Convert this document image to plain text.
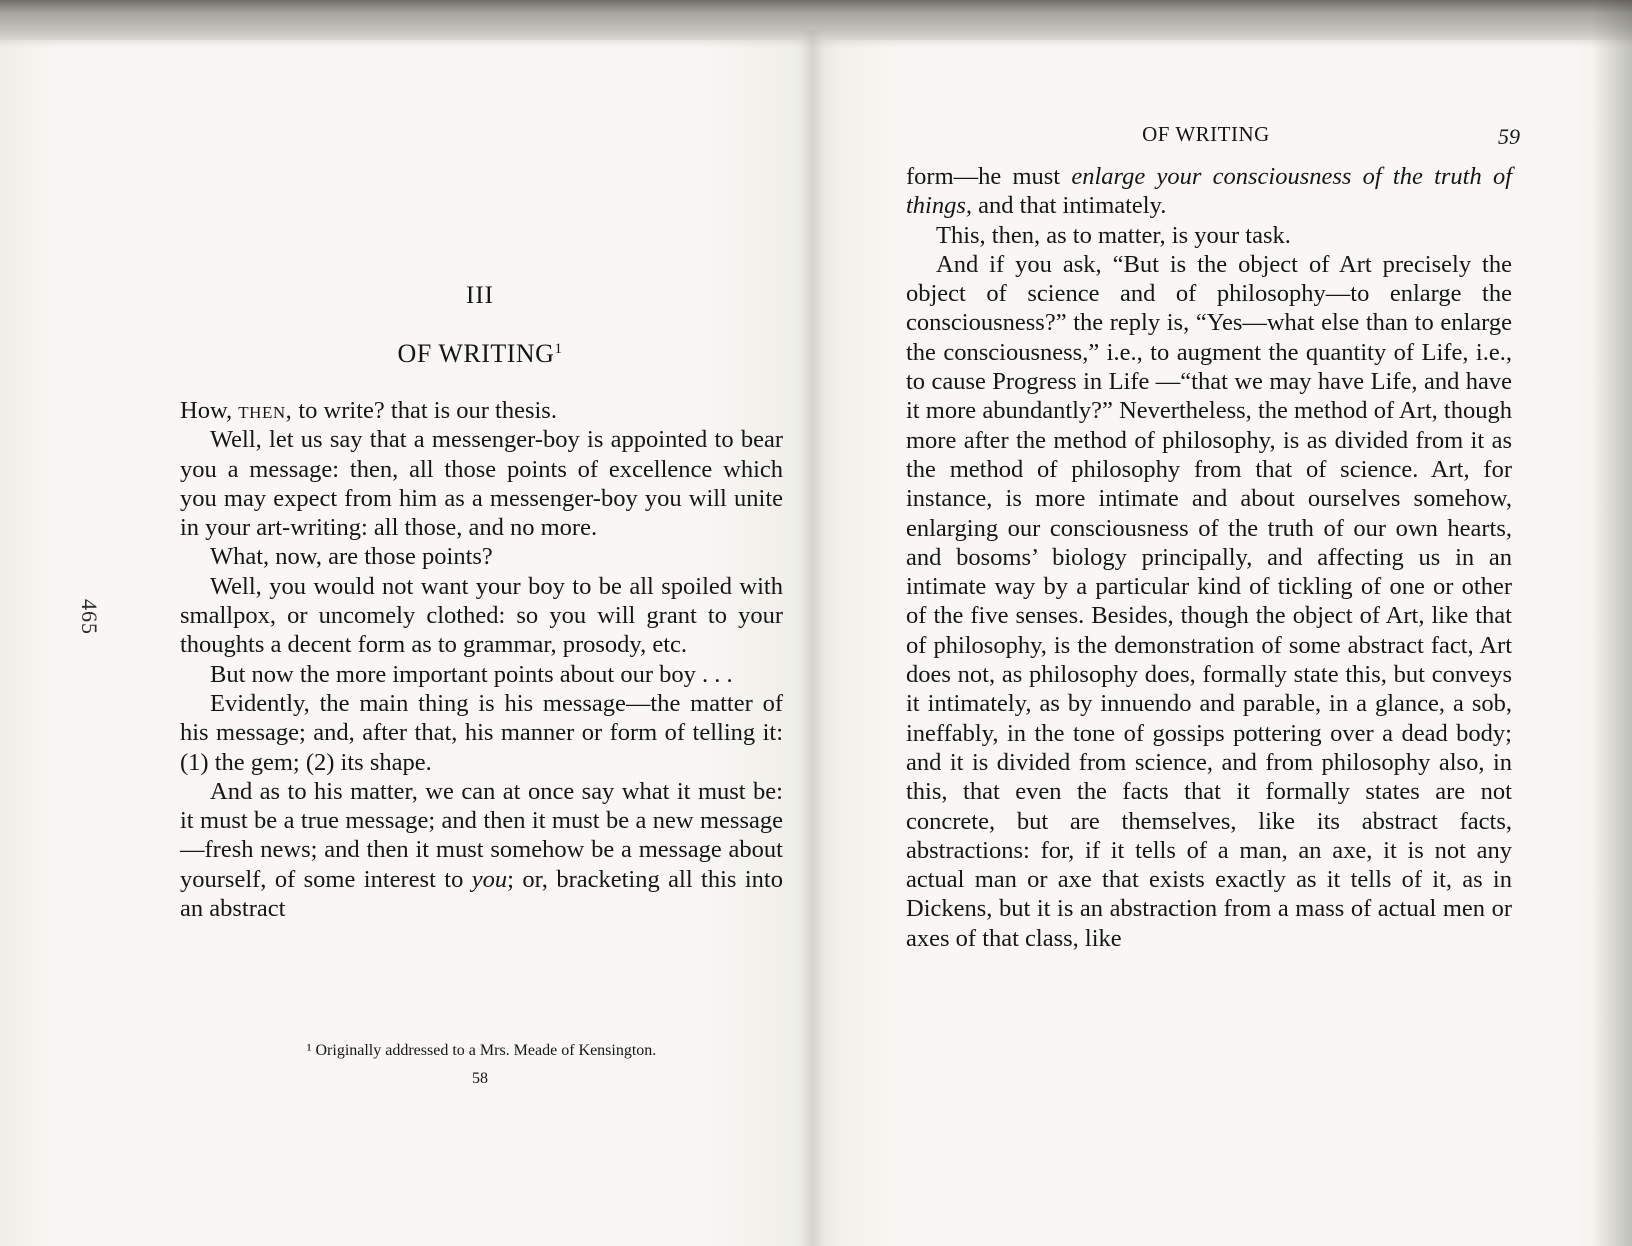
465
III
OF WRITING$^1$

How, then, to write? that is our thesis.

Well, let us say that a messenger-boy is appointed to bear you a message: then, all those points of excellence which you may expect from him as a messenger-boy you will unite in your art-writing: all those, and no more.

What, now, are those points?

Well, you would not want your boy to be all spoiled with smallpox, or uncomely clothed: so you will grant to your thoughts a decent form as to grammar, prosody, etc.

But now the more important points about our boy . . .

Evidently, the main thing is his message—the matter of his message; and, after that, his manner or form of telling it: (1) the gem; (2) its shape.

And as to his matter, we can at once say what it must be: it must be a true message; and then it must be a new message—fresh news; and then it must somehow be a message about yourself, of some interest to you; or, bracketing all this into an abstract

¹ Originally addressed to a Mrs. Meade of Kensington.
58
OF WRITING	59

form—he must enlarge your consciousness of the truth of things, and that intimately.

This, then, as to matter, is your task.

And if you ask, “But is the object of Art precisely the object of science and of philosophy—to enlarge the consciousness?” the reply is, “Yes—what else than to enlarge the consciousness,” i.e., to augment the quantity of Life, i.e., to cause Progress in Life —“that we may have Life, and have it more abundantly?” Nevertheless, the method of Art, though more after the method of philosophy, is as divided from it as the method of philosophy from that of science. Art, for instance, is more intimate and about ourselves somehow, enlarging our consciousness of the truth of our own hearts, and bosoms’ biology principally, and affecting us in an intimate way by a particular kind of tickling of one or other of the five senses. Besides, though the object of Art, like that of philosophy, is the demonstration of some abstract fact, Art does not, as philosophy does, formally state this, but conveys it intimately, as by innuendo and parable, in a glance, a sob, ineffably, in the tone of gossips pottering over a dead body; and it is divided from science, and from philosophy also, in this, that even the facts that it formally states are not concrete, but are themselves, like its abstract facts, abstractions: for, if it tells of a man, an axe, it is not any actual man or axe that exists exactly as it tells of it, as in Dickens, but it is an abstraction from a mass of actual men or axes of that class, like
